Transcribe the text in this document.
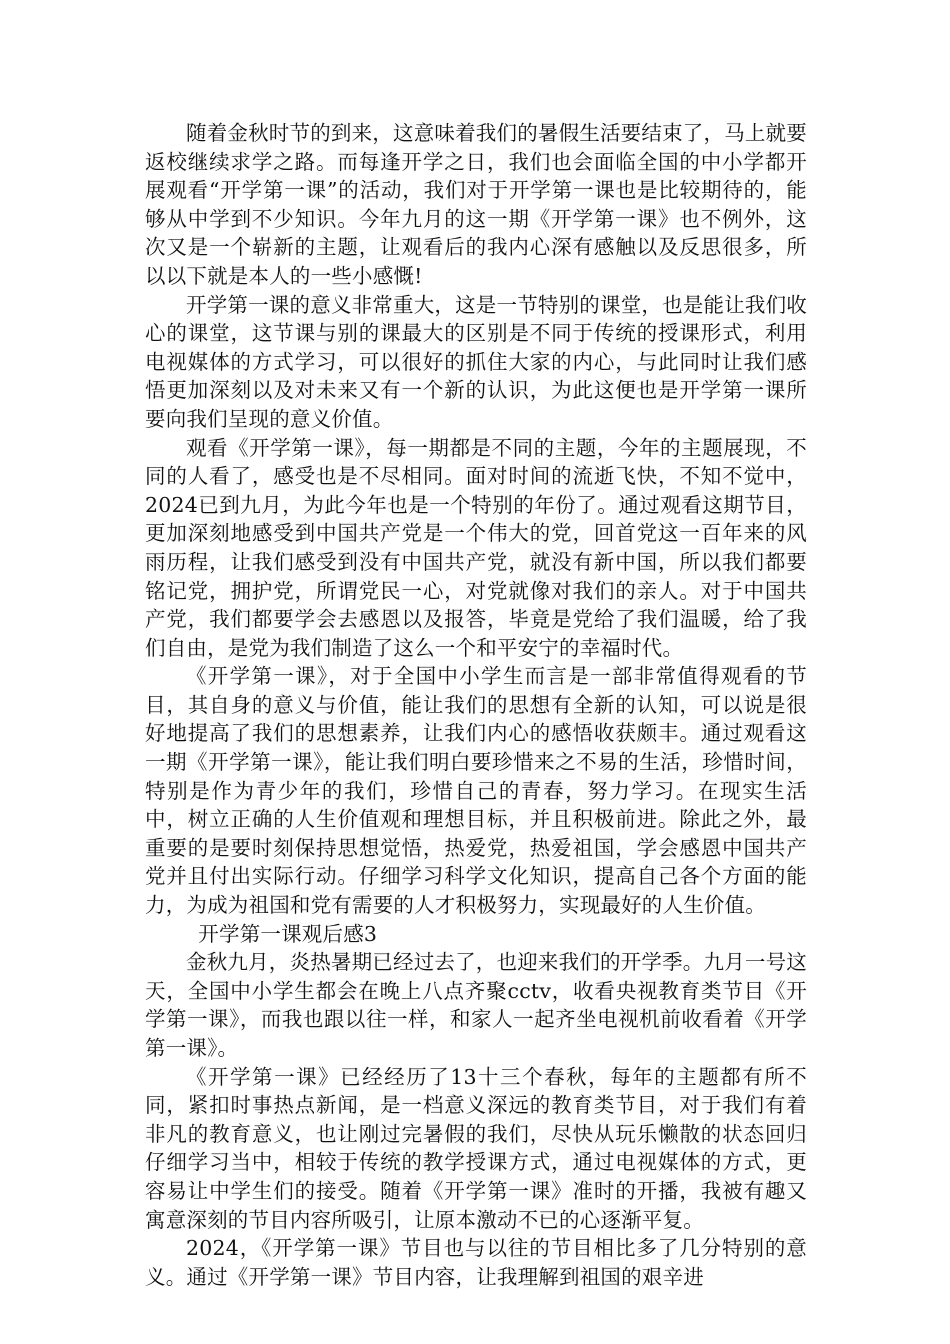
随着金秋时节的到来，这意味着我们的暑假生活要结束了，马上就要返校继续求学之路。而每逢开学之日，我们也会面临全国的中小学都开展观看“开学第一课”的活动，我们对于开学第一课也是比较期待的，能够从中学到不少知识。今年九月的这一期《开学第一课》也不例外，这次又是一个崭新的主题，让观看后的我内心深有感触以及反思很多，所以以下就是本人的一些小感慨!

开学第一课的意义非常重大，这是一节特别的课堂，也是能让我们收心的课堂，这节课与别的课最大的区别是不同于传统的授课形式，利用电视媒体的方式学习，可以很好的抓住大家的内心，与此同时让我们感悟更加深刻以及对未来又有一个新的认识，为此这便也是开学第一课所要向我们呈现的意义价值。

观看《开学第一课》，每一期都是不同的主题，今年的主题展现，不同的人看了，感受也是不尽相同。面对时间的流逝飞快，不知不觉中，2024已到九月，为此今年也是一个特别的年份了。通过观看这期节目，更加深刻地感受到中国共产党是一个伟大的党，回首党这一百年来的风雨历程，让我们感受到没有中国共产党，就没有新中国，所以我们都要铭记党，拥护党，所谓党民一心，对党就像对我们的亲人。对于中国共产党，我们都要学会去感恩以及报答，毕竟是党给了我们温暖，给了我们自由，是党为我们制造了这么一个和平安宁的幸福时代。

《开学第一课》，对于全国中小学生而言是一部非常值得观看的节目，其自身的意义与价值，能让我们的思想有全新的认知，可以说是很好地提高了我们的思想素养，让我们内心的感悟收获颇丰。通过观看这一期《开学第一课》，能让我们明白要珍惜来之不易的生活，珍惜时间，特别是作为青少年的我们，珍惜自己的青春，努力学习。在现实生活中，树立正确的人生价值观和理想目标，并且积极前进。除此之外，最重要的是要时刻保持思想觉悟，热爱党，热爱祖国，学会感恩中国共产党并且付出实际行动。仔细学习科学文化知识，提高自己各个方面的能力，为成为祖国和党有需要的人才积极努力，实现最好的人生价值。

开学第一课观后感3

金秋九月，炎热暑期已经过去了，也迎来我们的开学季。九月一号这天，全国中小学生都会在晚上八点齐聚cctv，收看央视教育类节目《开学第一课》，而我也跟以往一样，和家人一起齐坐电视机前收看着《开学第一课》。

《开学第一课》已经经历了13十三个春秋，每年的主题都有所不同，紧扣时事热点新闻，是一档意义深远的教育类节目，对于我们有着非凡的教育意义，也让刚过完暑假的我们，尽快从玩乐懒散的状态回归仔细学习当中，相较于传统的教学授课方式，通过电视媒体的方式，更容易让中学生们的接受。随着《开学第一课》准时的开播，我被有趣又寓意深刻的节目内容所吸引，让原本激动不已的心逐渐平复。

2024，《开学第一课》节目也与以往的节目相比多了几分特别的意义。通过《开学第一课》节目内容，让我理解到祖国的艰辛进
